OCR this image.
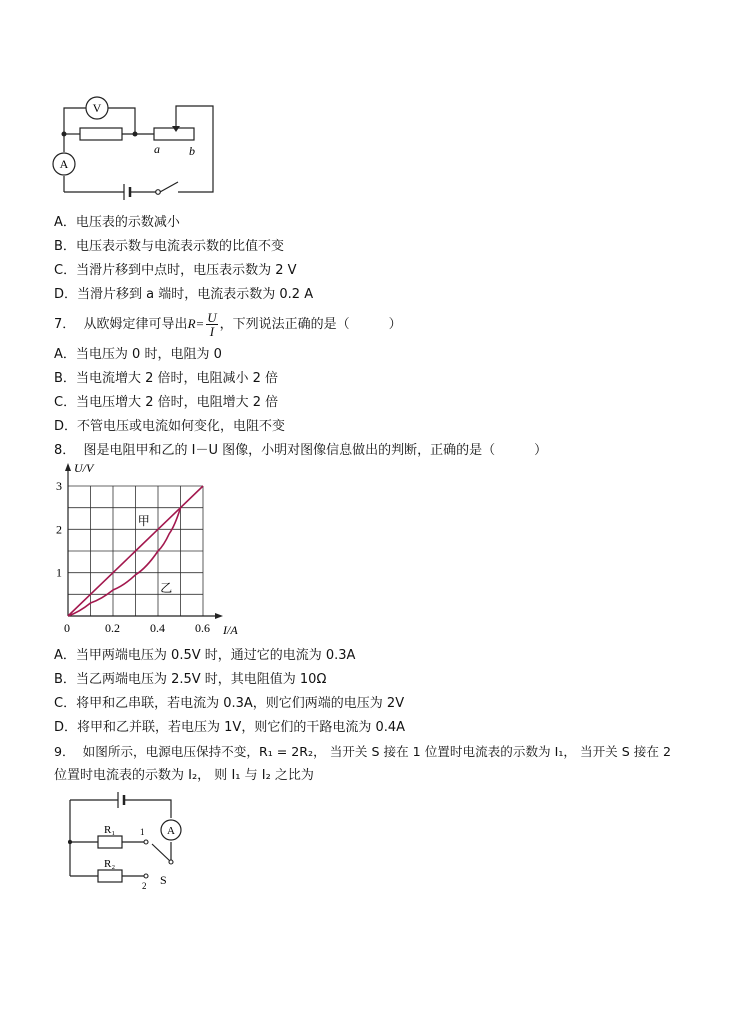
V
A
a b
A．电压表的示数减小
B．电压表示数与电流表示数的比值不变
C．当滑片移到中点时，电压表示数为 2 V
D．当滑片移到 a 端时，电流表示数为 0.2 A
7． 从欧姆定律可导出$R= \frac{U}{I}$ ，下列说法正确的是（　　　）
A．当电压为 0 时，电阻为 0
B．当电流增大 2 倍时，电阻减小 2 倍
C．当电压增大 2 倍时，电阻增大 2 倍
D．不管电压或电流如何变化，电阻不变
8． 图是电阻甲和乙的 I－U 图像，小明对图像信息做出的判断，正确的是（　　　）
0	0.2	0.4	0.6
1
2
3
I/A
U/V
甲
乙
A．当甲两端电压为 0.5V 时，通过它的电流为 0.3A
B．当乙两端电压为 2.5V 时，其电阻值为 10Ω
C．将甲和乙串联，若电流为 0.3A，则它们两端的电压为 2V
D．将甲和乙并联，若电压为 1V，则它们的干路电流为 0.4A
9． 如图所示，电源电压保持不变，R₁ = 2R₂， 当开关 S 接在 1 位置时电流表的示数为 I₁， 当开关 S 接在 2
位置时电流表的示数为 I₂， 则 I₁ 与 I₂ 之比为
A
R₁
R₂
1
2 S
